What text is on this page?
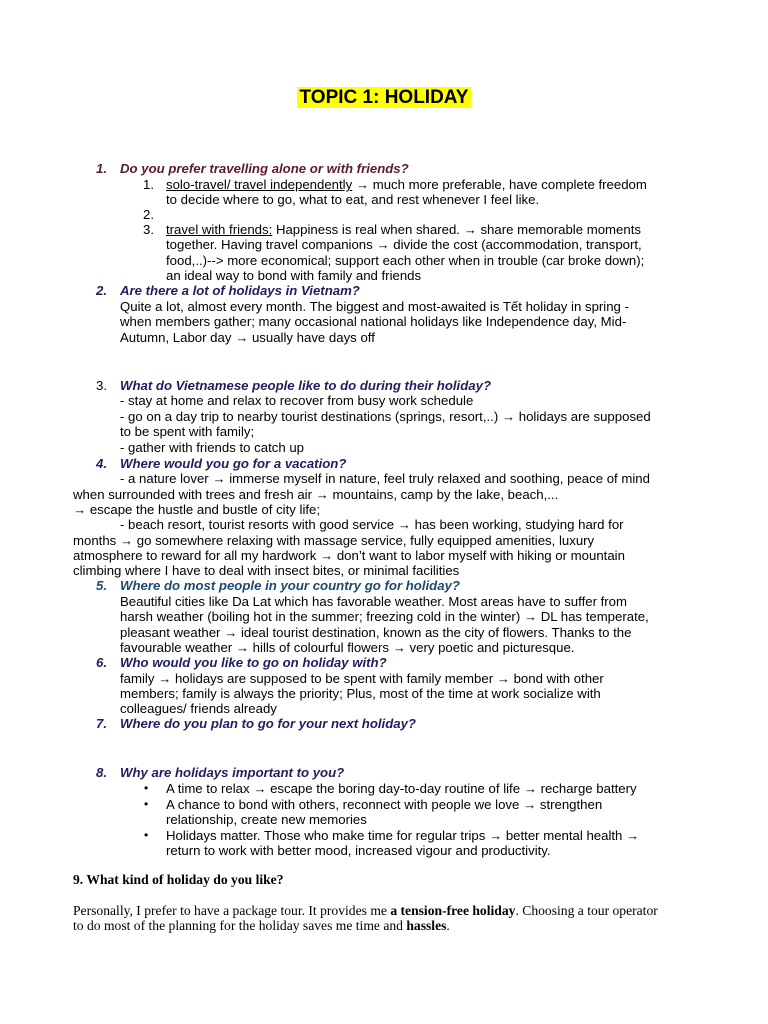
TOPIC 1: HOLIDAY
1. Do you prefer travelling alone or with friends?
1. solo-travel/ travel independently → much more preferable, have complete freedom
to decide where to go, what to eat, and rest whenever I feel like.
2.
3. travel with friends: Happiness is real when shared. → share memorable moments
together. Having travel companions → divide the cost (accommodation, transport,
food,..)--> more economical; support each other when in trouble (car broke down);
an ideal way to bond with family and friends
2. Are there a lot of holidays in Vietnam?
Quite a lot, almost every month. The biggest and most-awaited is Tết holiday in spring -
when members gather; many occasional national holidays like Independence day, Mid-
Autumn, Labor day → usually have days off
3. What do Vietnamese people like to do during their holiday?
- stay at home and relax to recover from busy work schedule
- go on a day trip to nearby tourist destinations (springs, resort,..) → holidays are supposed
to be spent with family;
- gather with friends to catch up
4. Where would you go for a vacation?
- a nature lover → immerse myself in nature, feel truly relaxed and soothing, peace of mind
when surrounded with trees and fresh air → mountains, camp by the lake, beach,...
→ escape the hustle and bustle of city life;
- beach resort, tourist resorts with good service → has been working, studying hard for
months → go somewhere relaxing with massage service, fully equipped amenities, luxury
atmosphere to reward for all my hardwork → don’t want to labor myself with hiking or mountain
climbing where I have to deal with insect bites, or minimal facilities
5. Where do most people in your country go for holiday?
Beautiful cities like Da Lat which has favorable weather. Most areas have to suffer from
harsh weather (boiling hot in the summer; freezing cold in the winter) → DL has temperate,
pleasant weather → ideal tourist destination, known as the city of flowers. Thanks to the
favourable weather → hills of colourful flowers → very poetic and picturesque.
6. Who would you like to go on holiday with?
family → holidays are supposed to be spent with family member → bond with other
members; family is always the priority; Plus, most of the time at work socialize with
colleagues/ friends already
7. Where do you plan to go for your next holiday?
8. Why are holidays important to you?
• A time to relax → escape the boring day-to-day routine of life → recharge battery
• A chance to bond with others, reconnect with people we love → strengthen
relationship, create new memories
• Holidays matter. Those who make time for regular trips → better mental health →
return to work with better mood, increased vigour and productivity.
9. What kind of holiday do you like?
Personally, I prefer to have a package tour. It provides me a tension-free holiday. Choosing a tour operator
to do most of the planning for the holiday saves me time and hassles.
